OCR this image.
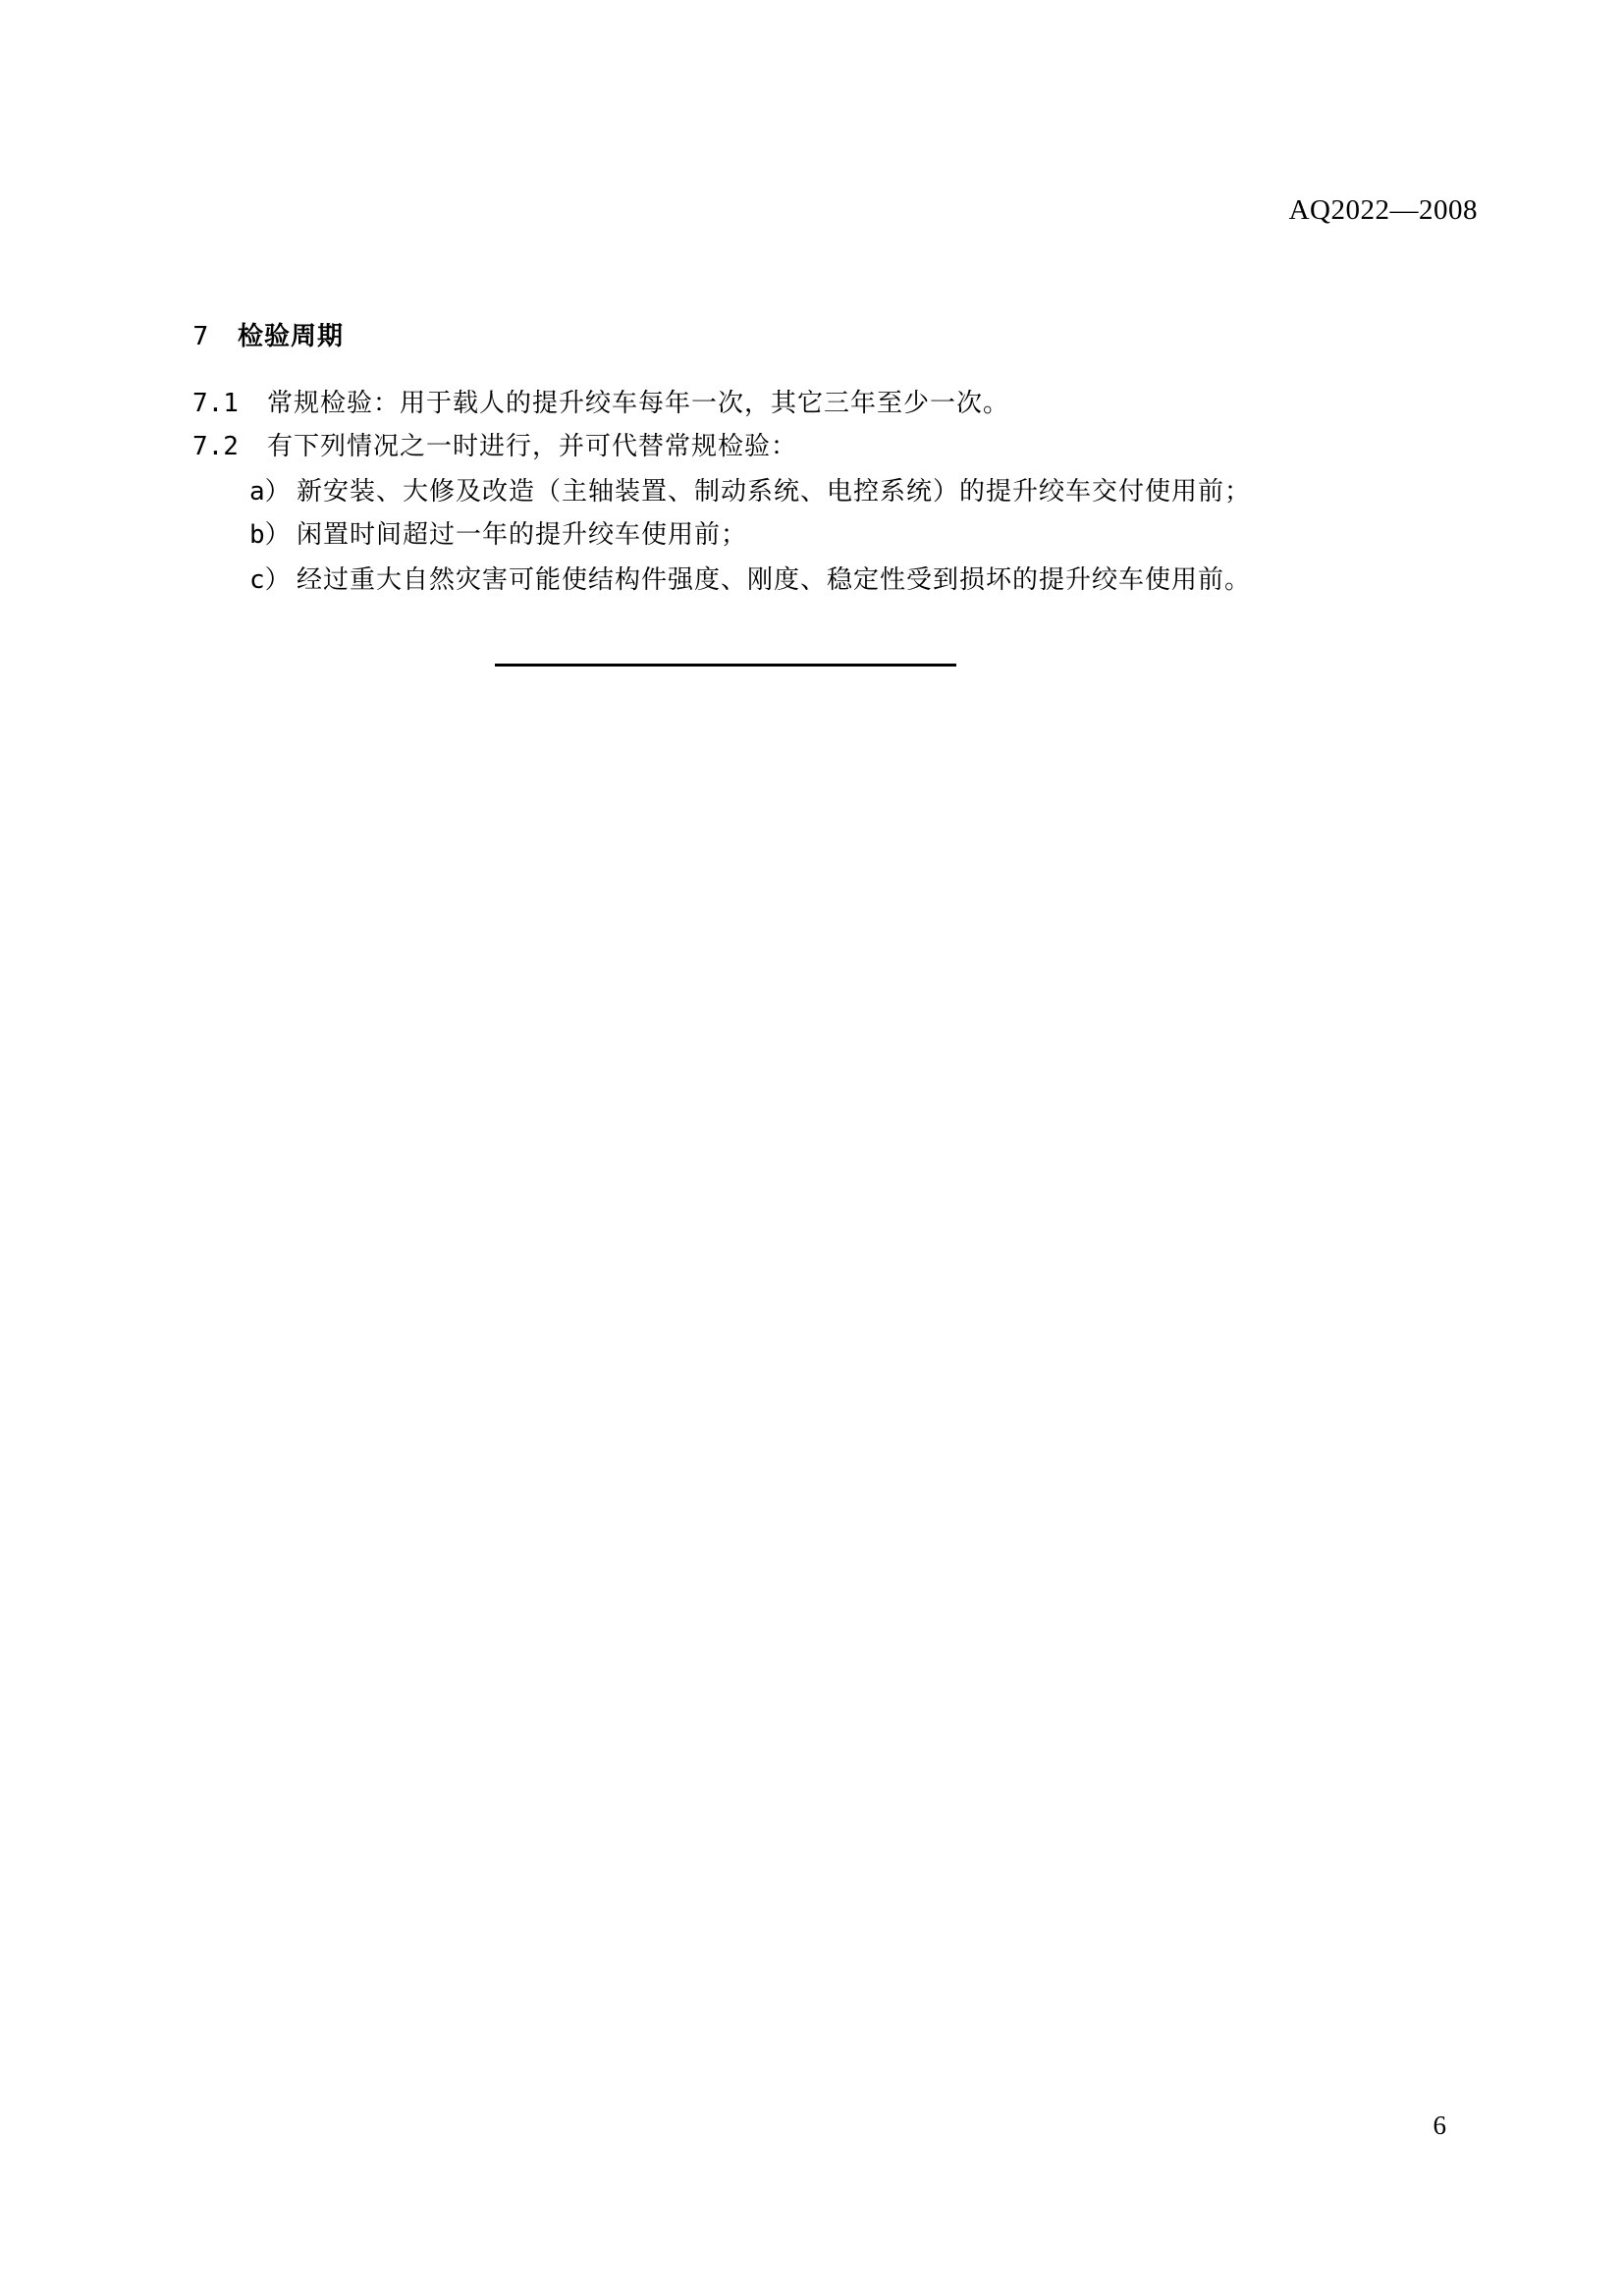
AQ2022—2008
7	检验周期
7.1	常规检验：用于载人的提升绞车每年一次，其它三年至少一次。
7.2	有下列情况之一时进行，并可代替常规检验：
a） 新安装、大修及改造（主轴装置、制动系统、电控系统）的提升绞车交付使用前；
b） 闲置时间超过一年的提升绞车使用前；
c） 经过重大自然灾害可能使结构件强度、刚度、稳定性受到损坏的提升绞车使用前。
6
